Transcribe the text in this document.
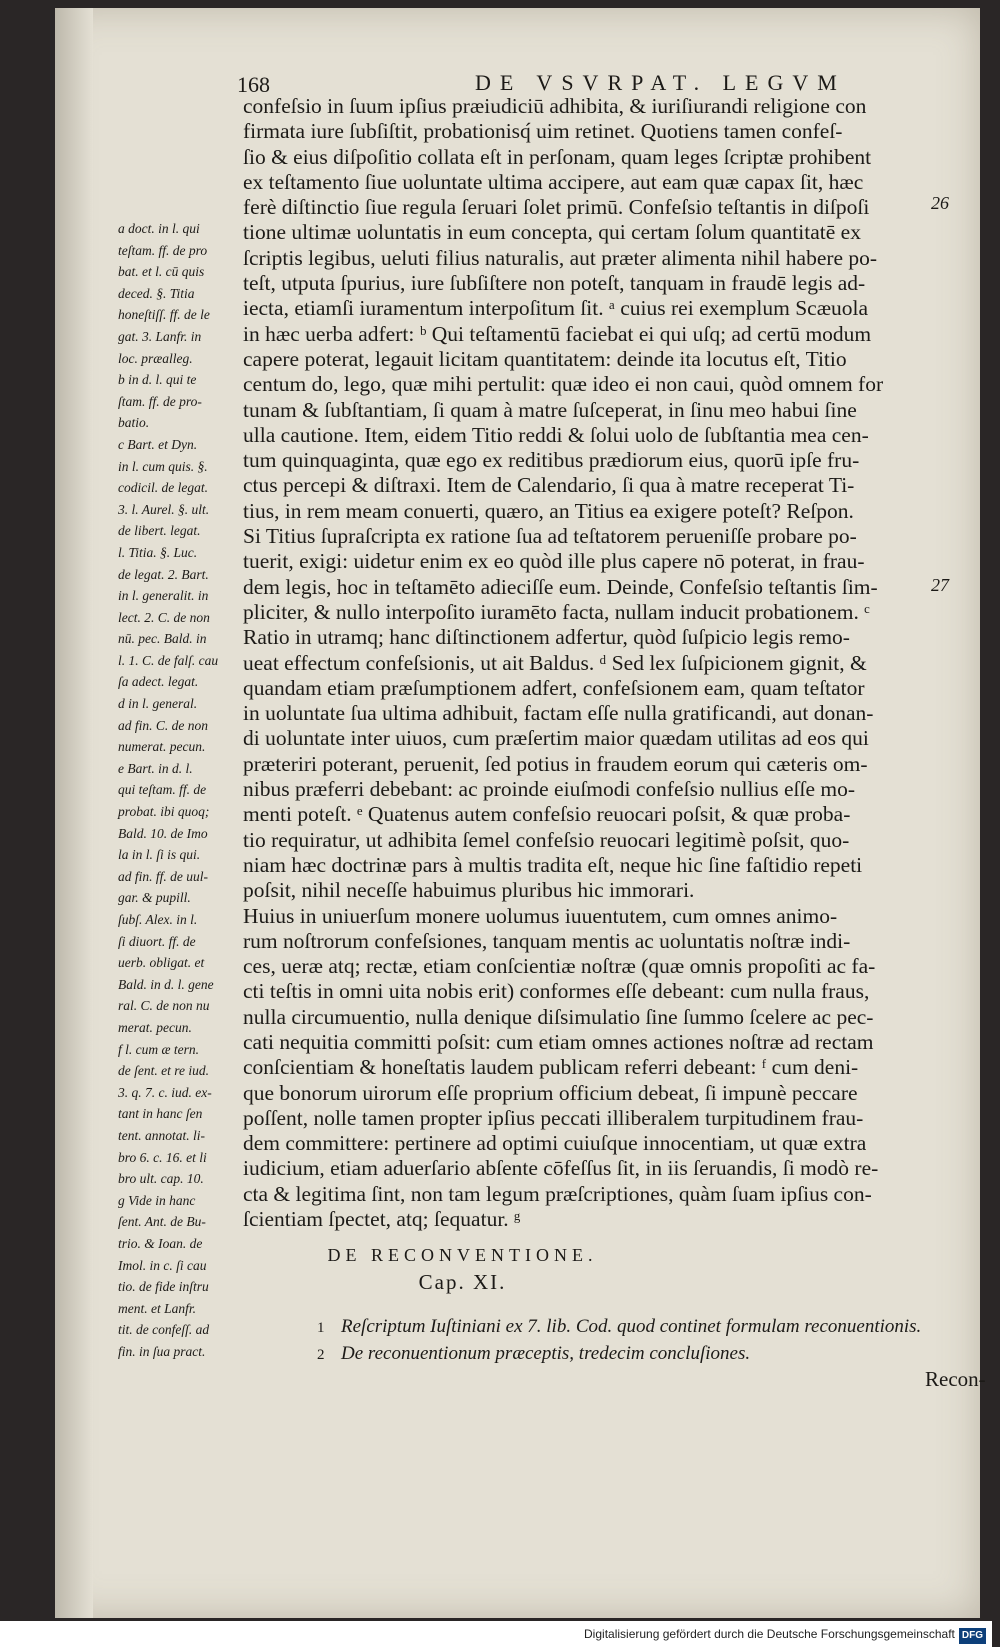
168	DE VSVRPAT. LEGVM
confeſsio in ſuum ipſius præiudiciū adhibita, & iuriſiurandi religione con
firmata iure ſubſiſtit, probationisq́ uim retinet. Quotiens tamen confeſ-
ſio & eius diſpoſitio collata eſt in perſonam, quam leges ſcriptæ prohibent
ex teſtamento ſiue uoluntate ultima accipere, aut eam quæ capax ſit, hæc
ferè diſtinctio ſiue regula ſeruari ſolet primū. Confeſsio teſtantis in diſpoſi
tione ultimæ uoluntatis in eum concepta, qui certam ſolum quantitatē ex
ſcriptis legibus, ueluti filius naturalis, aut præter alimenta nihil habere po-
teſt, utputa ſpurius, iure ſubſiſtere non poteſt, tanquam in fraudē legis ad-
iecta, etiamſi iuramentum interpoſitum ſit. ᵃ cuius rei exemplum Scæuola
in hæc uerba adfert: ᵇ Qui teſtamentū faciebat ei qui uſq; ad certū modum
capere poterat, legauit licitam quantitatem: deinde ita locutus eſt, Titio
centum do, lego, quæ mihi pertulit: quæ ideo ei non caui, quòd omnem for
tunam & ſubſtantiam, ſi quam à matre ſuſceperat, in ſinu meo habui ſine
ulla cautione. Item, eidem Titio reddi & ſolui uolo de ſubſtantia mea cen-
tum quinquaginta, quæ ego ex reditibus prædiorum eius, quorū ipſe fru-
ctus percepi & diſtraxi. Item de Calendario, ſi qua à matre receperat Ti-
tius, in rem meam conuerti, quæro, an Titius ea exigere poteſt? Reſpon.
Si Titius ſupraſcripta ex ratione ſua ad teſtatorem perueniſſe probare po-
tuerit, exigi: uidetur enim ex eo quòd ille plus capere nō poterat, in frau-
dem legis, hoc in teſtamēto adieciſſe eum. Deinde, Confeſsio teſtantis ſim-
pliciter, & nullo interpoſito iuramēto facta, nullam inducit probationem. ᶜ
Ratio in utramq; hanc diſtinctionem adfertur, quòd ſuſpicio legis remo-
ueat effectum confeſsionis, ut ait Baldus. ᵈ Sed lex ſuſpicionem gignit, &
quandam etiam præſumptionem adfert, confeſsionem eam, quam teſtator
in uoluntate ſua ultima adhibuit, factam eſſe nulla gratificandi, aut donan-
di uoluntate inter uiuos, cum præſertim maior quædam utilitas ad eos qui
præteriri poterant, peruenit, ſed potius in fraudem eorum qui cæteris om-
nibus præferri debebant: ac proinde eiuſmodi confeſsio nullius eſſe mo-
menti poteſt. ᵉ Quatenus autem confeſsio reuocari poſsit, & quæ proba-
tio requiratur, ut adhibita ſemel confeſsio reuocari legitimè poſsit, quo-
niam hæc doctrinæ pars à multis tradita eſt, neque hic ſine faſtidio repeti
poſsit, nihil neceſſe habuimus pluribus hic immorari.
Huius in uniuerſum monere uolumus iuuentutem, cum omnes animo-
rum noſtrorum confeſsiones, tanquam mentis ac uoluntatis noſtræ indi-
ces, ueræ atq; rectæ, etiam conſcientiæ noſtræ (quæ omnis propoſiti ac fa-
cti teſtis in omni uita nobis erit) conformes eſſe debeant: cum nulla fraus,
nulla circumuentio, nulla denique diſsimulatio ſine ſummo ſcelere ac pec-
cati nequitia committi poſsit: cum etiam omnes actiones noſtræ ad rectam
conſcientiam & honeſtatis laudem publicam referri debeant: ᶠ cum deni-
que bonorum uirorum eſſe proprium officium debeat, ſi impunè peccare
poſſent, nolle tamen propter ipſius peccati illiberalem turpitudinem frau-
dem committere: pertinere ad optimi cuiuſque innocentiam, ut quæ extra
iudicium, etiam aduerſario abſente cōfeſſus ſit, in iis ſeruandis, ſi modò re-
cta & legitima ſint, non tam legum præſcriptiones, quàm ſuam ipſius con-
ſcientiam ſpectet, atq; ſequatur. ᵍ
a doct. in l. qui
teſtam. ff. de pro
bat. et l. cū quis
deced. §. Titia
honeſtiſſ. ff. de le
gat. 3. Lanfr. in
loc. præalleg.
b in d. l. qui te
ſtam. ff. de pro-
batio.
c Bart. et Dyn.
in l. cum quis. §.
codicil. de legat.
3. l. Aurel. §. ult.
de libert. legat.
l. Titia. §. Luc.
de legat. 2. Bart.
in l. generalit. in
lect. 2. C. de non
nū. pec. Bald. in
l. 1. C. de falſ. cau
ſa adect. legat.
d in l. general.
ad fin. C. de non
numerat. pecun.
e Bart. in d. l.
qui teſtam. ff. de
probat. ibi quoq;
Bald. 10. de Imo
la in l. ſi is qui.
ad fin. ff. de uul-
gar. & pupill.
ſubſ. Alex. in l.
ſi diuort. ff. de
uerb. obligat. et
Bald. in d. l. gene
ral. C. de non nu
merat. pecun.
f l. cum æ tern.
de ſent. et re iud.
3. q. 7. c. iud. ex-
tant in hanc ſen
tent. annotat. li-
bro 6. c. 16. et li
bro ult. cap. 10.
g Vide in hanc
ſent. Ant. de Bu-
trio. & Ioan. de
Imol. in c. ſi cau
tio. de fide inſtru
ment. et Lanfr.
tit. de confeſſ. ad
fin. in ſua pract.
26
27
DE RECONVENTIONE.
Cap. XI.
1 Reſcriptum Iuſtiniani ex 7. lib. Cod. quod continet formulam reconuentionis.
2 De reconuentionum præceptis, tredecim concluſiones.
Recon-
Digitalisierung gefördert durch die Deutsche Forschungsgemeinschaft DFG
